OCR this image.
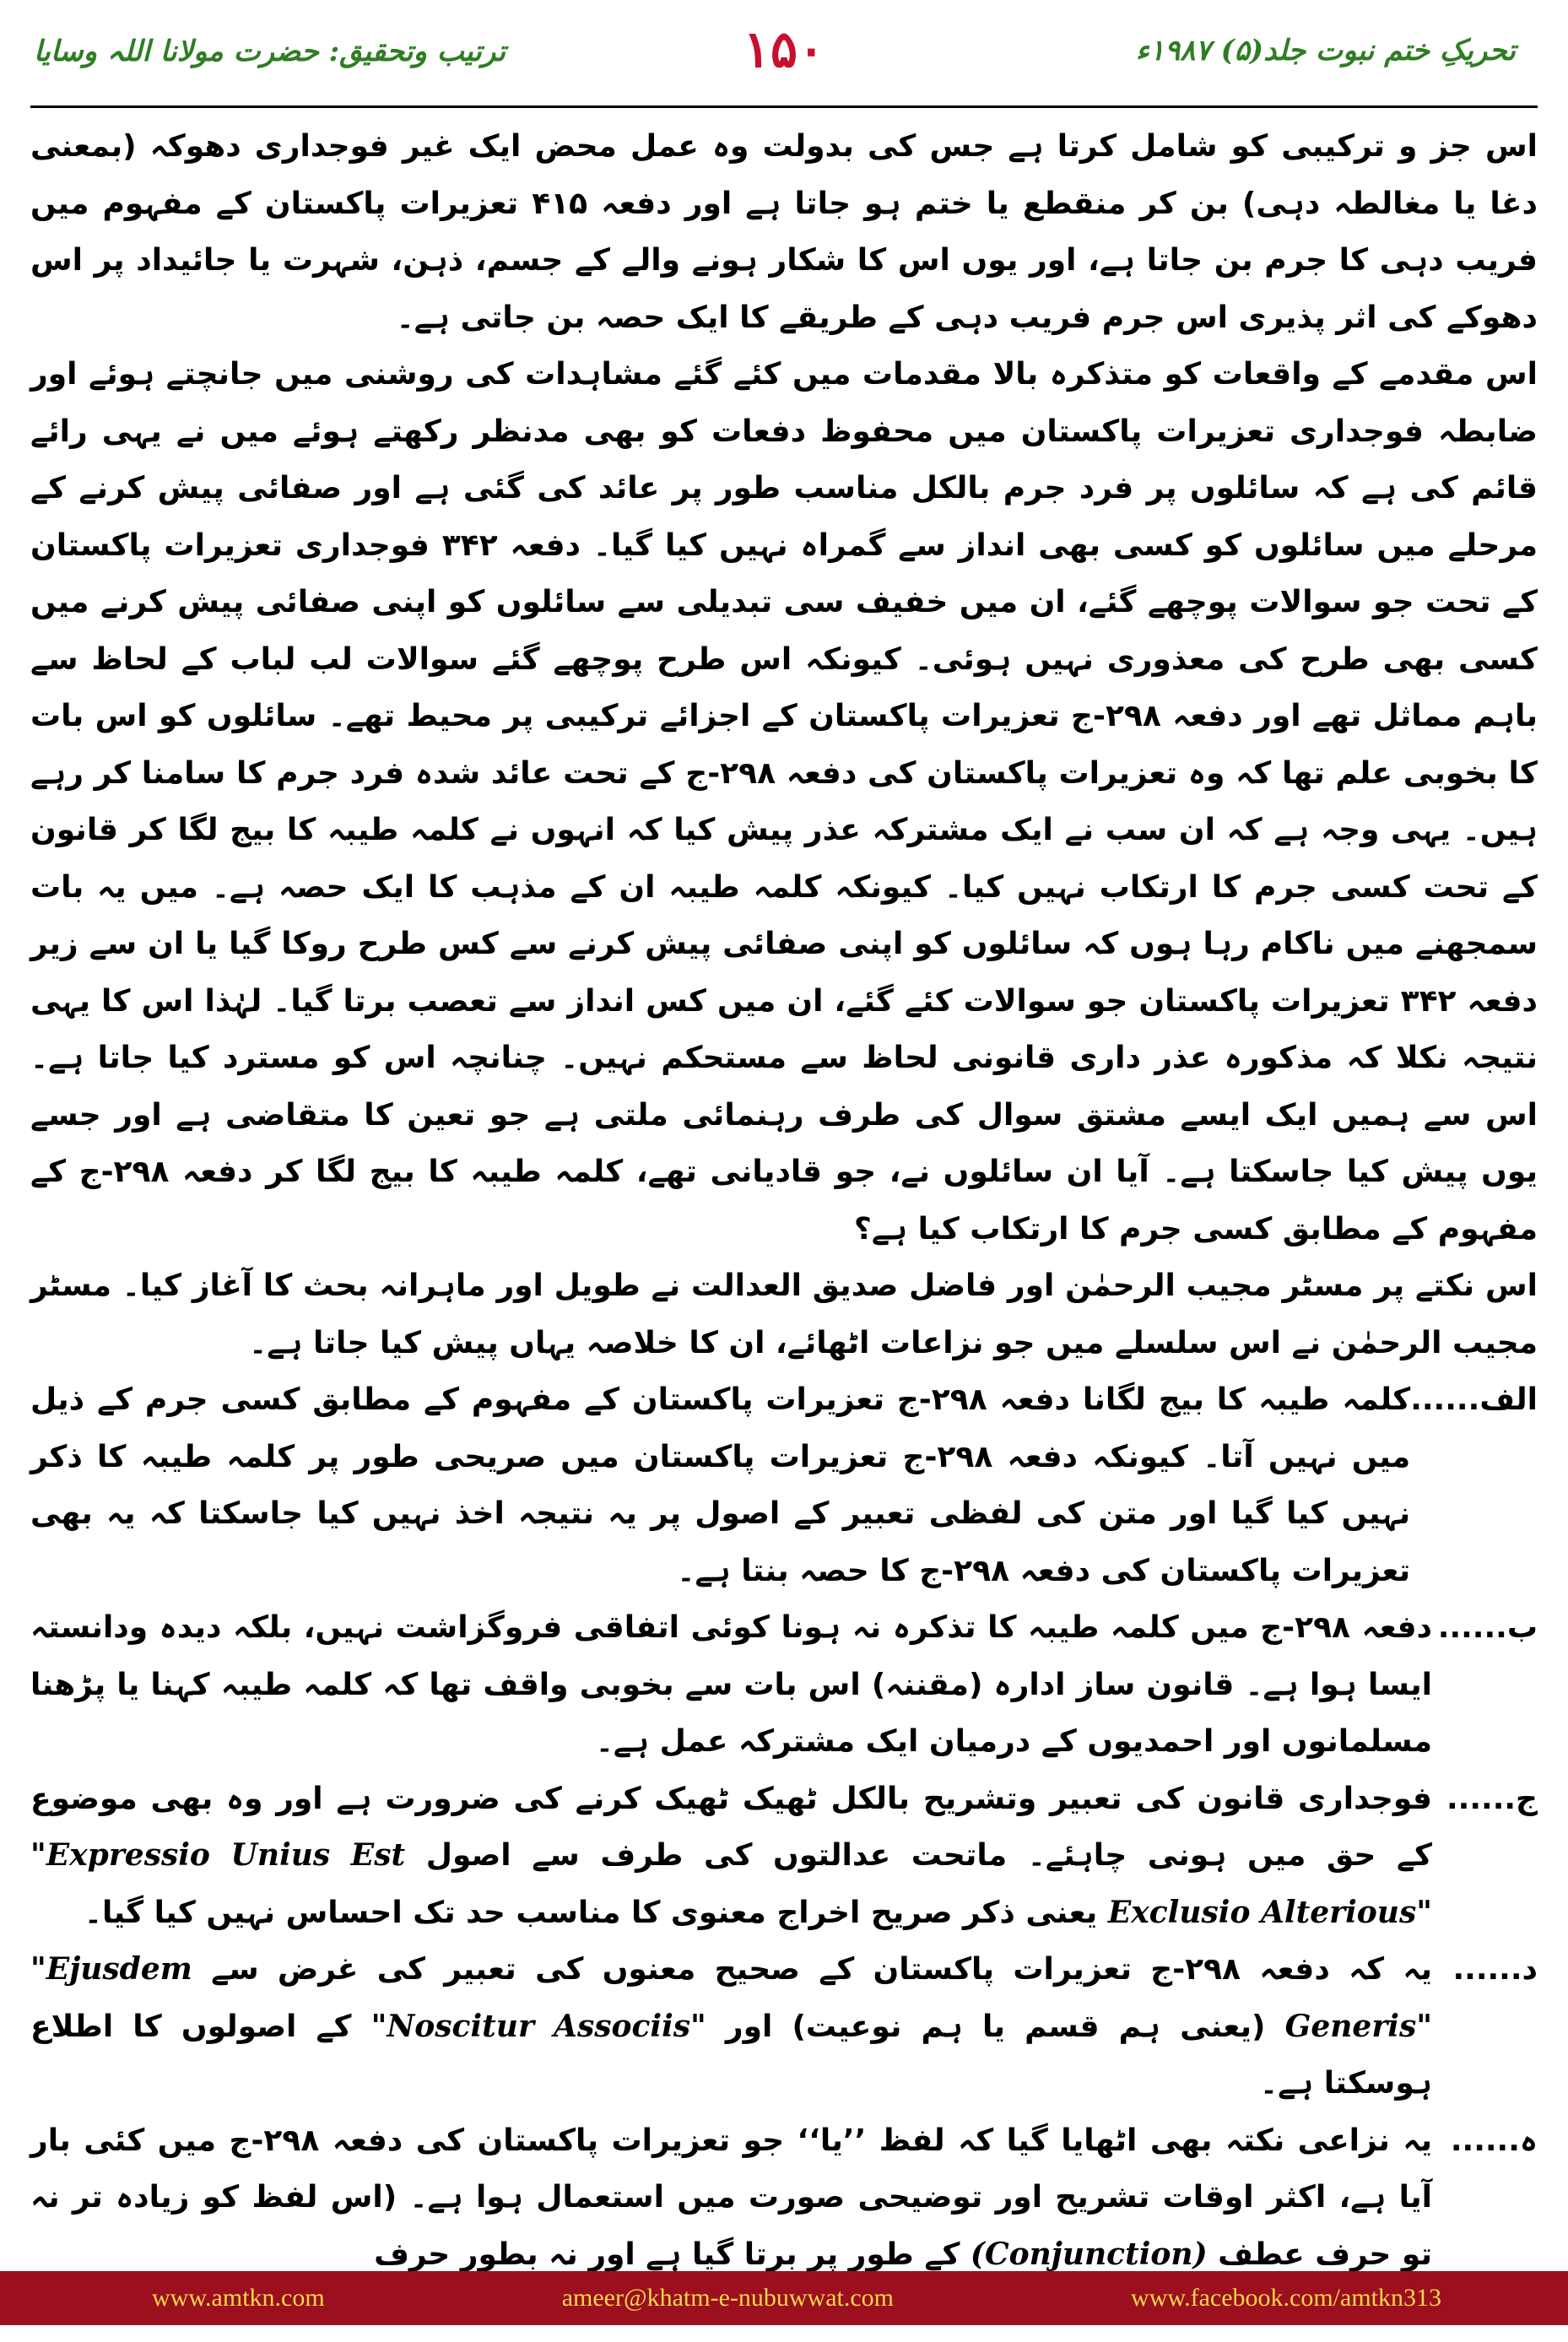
تحریکِ ختم نبوت جلد(۵) ۱۹۸۷ء
۱۵۰
ترتیب وتحقیق: حضرت مولانا اللہ وسایا

اس جز و ترکیبی کو شامل کرتا ہے جس کی بدولت وہ عمل محض ایک غیر فوجداری دھوکہ (بمعنی دغا یا مغالطہ دہی) بن کر منقطع یا ختم ہو جاتا ہے اور دفعہ ۴۱۵ تعزیرات پاکستان کے مفہوم میں فریب دہی کا جرم بن جاتا ہے، اور یوں اس کا شکار ہونے والے کے جسم، ذہن، شہرت یا جائیداد پر اس دھوکے کی اثر پذیری اس جرم فریب دہی کے طریقے کا ایک حصہ بن جاتی ہے۔

اس مقدمے کے واقعات کو متذکرہ بالا مقدمات میں کئے گئے مشاہدات کی روشنی میں جانچتے ہوئے اور ضابطہ فوجداری تعزیرات پاکستان میں محفوظ دفعات کو بھی مدنظر رکھتے ہوئے میں نے یہی رائے قائم کی ہے کہ سائلوں پر فرد جرم بالکل مناسب طور پر عائد کی گئی ہے اور صفائی پیش کرنے کے مرحلے میں سائلوں کو کسی بھی انداز سے گمراہ نہیں کیا گیا۔ دفعہ ۳۴۲ فوجداری تعزیرات پاکستان کے تحت جو سوالات پوچھے گئے، ان میں خفیف سی تبدیلی سے سائلوں کو اپنی صفائی پیش کرنے میں کسی بھی طرح کی معذوری نہیں ہوئی۔ کیونکہ اس طرح پوچھے گئے سوالات لب لباب کے لحاظ سے باہم مماثل تھے اور دفعہ ۲۹۸-ج تعزیرات پاکستان کے اجزائے ترکیبی پر محیط تھے۔ سائلوں کو اس بات کا بخوبی علم تھا کہ وہ تعزیرات پاکستان کی دفعہ ۲۹۸-ج کے تحت عائد شدہ فرد جرم کا سامنا کر رہے ہیں۔ یہی وجہ ہے کہ ان سب نے ایک مشترکہ عذر پیش کیا کہ انہوں نے کلمہ طیبہ کا بیج لگا کر قانون کے تحت کسی جرم کا ارتکاب نہیں کیا۔ کیونکہ کلمہ طیبہ ان کے مذہب کا ایک حصہ ہے۔ میں یہ بات سمجھنے میں ناکام رہا ہوں کہ سائلوں کو اپنی صفائی پیش کرنے سے کس طرح روکا گیا یا ان سے زیر دفعہ ۳۴۲ تعزیرات پاکستان جو سوالات کئے گئے، ان میں کس انداز سے تعصب برتا گیا۔ لہٰذا اس کا یہی نتیجہ نکلا کہ مذکورہ عذر داری قانونی لحاظ سے مستحکم نہیں۔ چنانچہ اس کو مسترد کیا جاتا ہے۔ اس سے ہمیں ایک ایسے مشتق سوال کی طرف رہنمائی ملتی ہے جو تعین کا متقاضی ہے اور جسے یوں پیش کیا جاسکتا ہے۔ آیا ان سائلوں نے، جو قادیانی تھے، کلمہ طیبہ کا بیج لگا کر دفعہ ۲۹۸-ج کے مفہوم کے مطابق کسی جرم کا ارتکاب کیا ہے؟

اس نکتے پر مسٹر مجیب الرحمٰن اور فاضل صدیق العدالت نے طویل اور ماہرانہ بحث کا آغاز کیا۔ مسٹر مجیب الرحمٰن نے اس سلسلے میں جو نزاعات اٹھائے، ان کا خلاصہ یہاں پیش کیا جاتا ہے۔

الف......
کلمہ طیبہ کا بیج لگانا دفعہ ۲۹۸-ج تعزیرات پاکستان کے مفہوم کے مطابق کسی جرم کے ذیل میں نہیں آتا۔ کیونکہ دفعہ ۲۹۸-ج تعزیرات پاکستان میں صریحی طور پر کلمہ طیبہ کا ذکر نہیں کیا گیا اور متن کی لفظی تعبیر کے اصول پر یہ نتیجہ اخذ نہیں کیا جاسکتا کہ یہ بھی تعزیرات پاکستان کی دفعہ ۲۹۸-ج کا حصہ بنتا ہے۔
ب......
دفعہ ۲۹۸-ج میں کلمہ طیبہ کا تذکرہ نہ ہونا کوئی اتفاقی فروگزاشت نہیں، بلکہ دیدہ ودانستہ ایسا ہوا ہے۔ قانون ساز ادارہ (مقننہ) اس بات سے بخوبی واقف تھا کہ کلمہ طیبہ کہنا یا پڑھنا مسلمانوں اور احمدیوں کے درمیان ایک مشترکہ عمل ہے۔
ج......
فوجداری قانون کی تعبیر وتشریح بالکل ٹھیک ٹھیک کرنے کی ضرورت ہے اور وہ بھی موضوع کے حق میں ہونی چاہئے۔ ماتحت عدالتوں کی طرف سے اصول "Expressio Unius Est Exclusio Alterious" یعنی ذکر صریح اخراج معنوی کا مناسب حد تک احساس نہیں کیا گیا۔
د......
یہ کہ دفعہ ۲۹۸-ج تعزیرات پاکستان کے صحیح معنوں کی تعبیر کی غرض سے "Ejusdem Generis" (یعنی ہم قسم یا ہم نوعیت) اور "Noscitur Associis" کے اصولوں کا اطلاع ہوسکتا ہے۔
ہ......
یہ نزاعی نکتہ بھی اٹھایا گیا کہ لفظ ’’یا‘‘ جو تعزیرات پاکستان کی دفعہ ۲۹۸-ج میں کئی بار آیا ہے، اکثر اوقات تشریح اور توضیحی صورت میں استعمال ہوا ہے۔ (اس لفظ کو زیادہ تر نہ تو حرف عطف (Conjunction) کے طور پر برتا گیا ہے اور نہ بطور حرف
www.amtkn.com	ameer@khatm-e-nubuwwat.com	www.facebook.com/amtkn313
